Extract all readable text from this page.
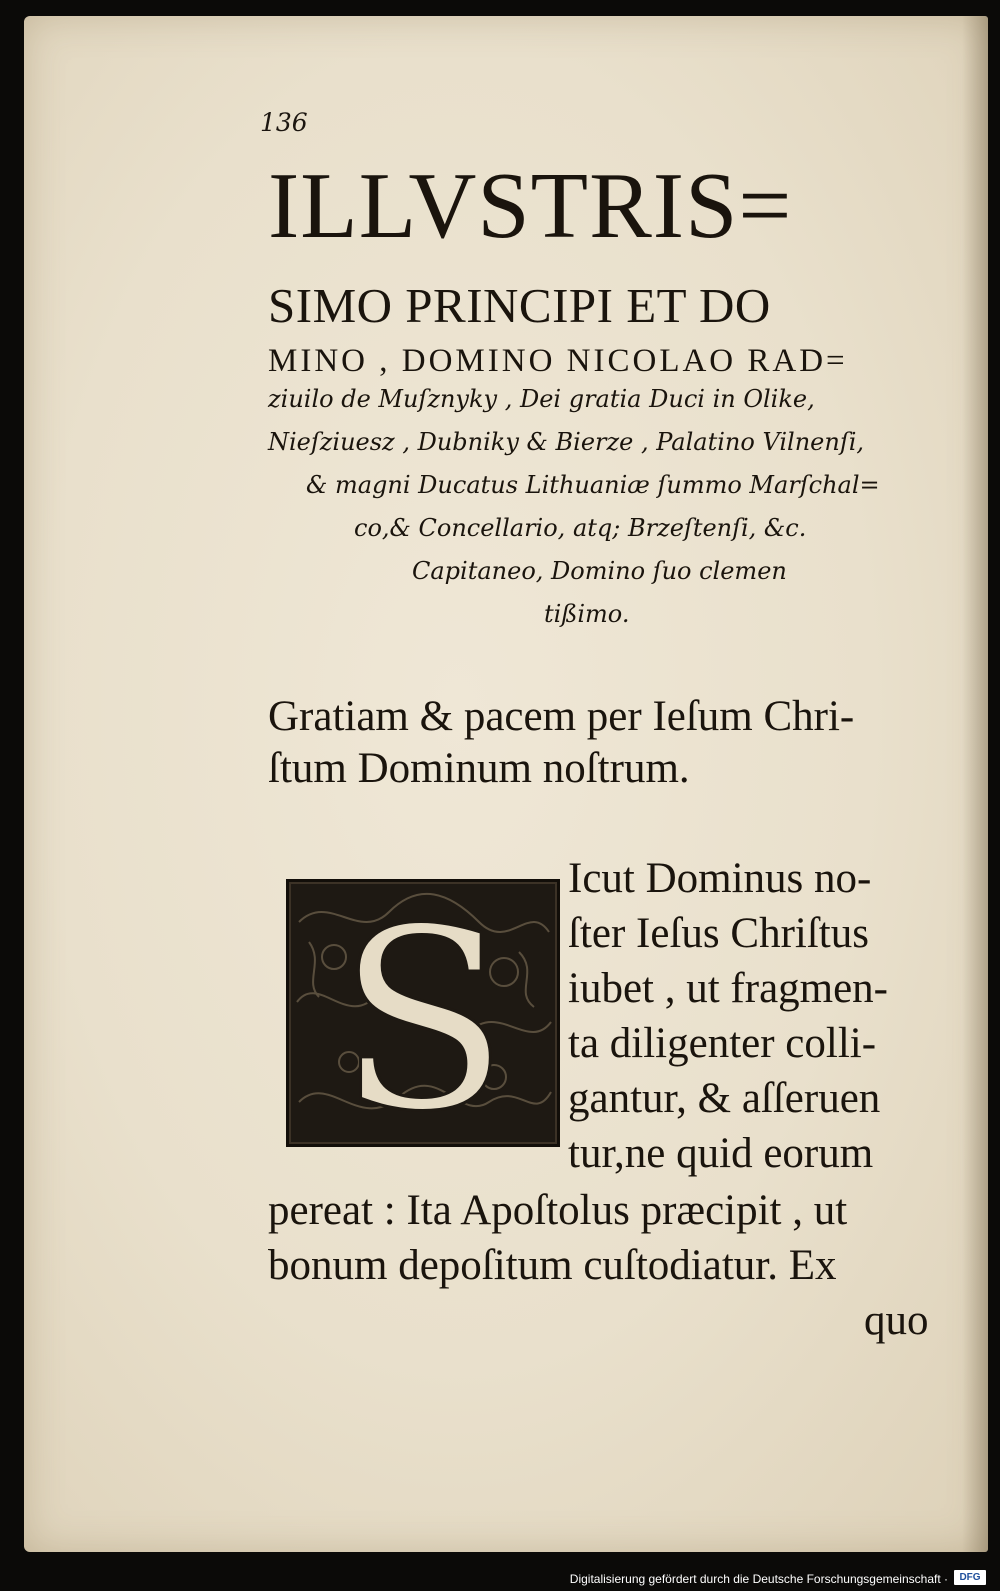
136
ILLVSTRIS=
SIMO PRINCIPI ET DO
MINO , DOMINO NICOLAO RAD=
ziuilo de Muſznyky , Dei gratia Duci in Olike,
Nieſziuesz , Dubniky & Bierze , Palatino Vilnenſi,
& magni Ducatus Lithuaniæ ſummo Marſchal=
co,& Concellario, atq; Brzeſtenſi, &c.
Capitaneo, Domino ſuo clemen
tißimo.
Gratiam & pacem per Ieſum Chri-
ſtum Dominum noſtrum.
S Icut Dominus no-
ſter Ieſus Chriſtus
iubet , ut fragmen-
ta diligenter colli-
gantur, & aſſeruen
tur,ne quid eorum
pereat : Ita Apoſtolus præcipit , ut
bonum depoſitum cuſtodiatur. Ex
quo
Digitalisierung gefördert durch die Deutsche Forschungsgemeinschaft ·	DFG
